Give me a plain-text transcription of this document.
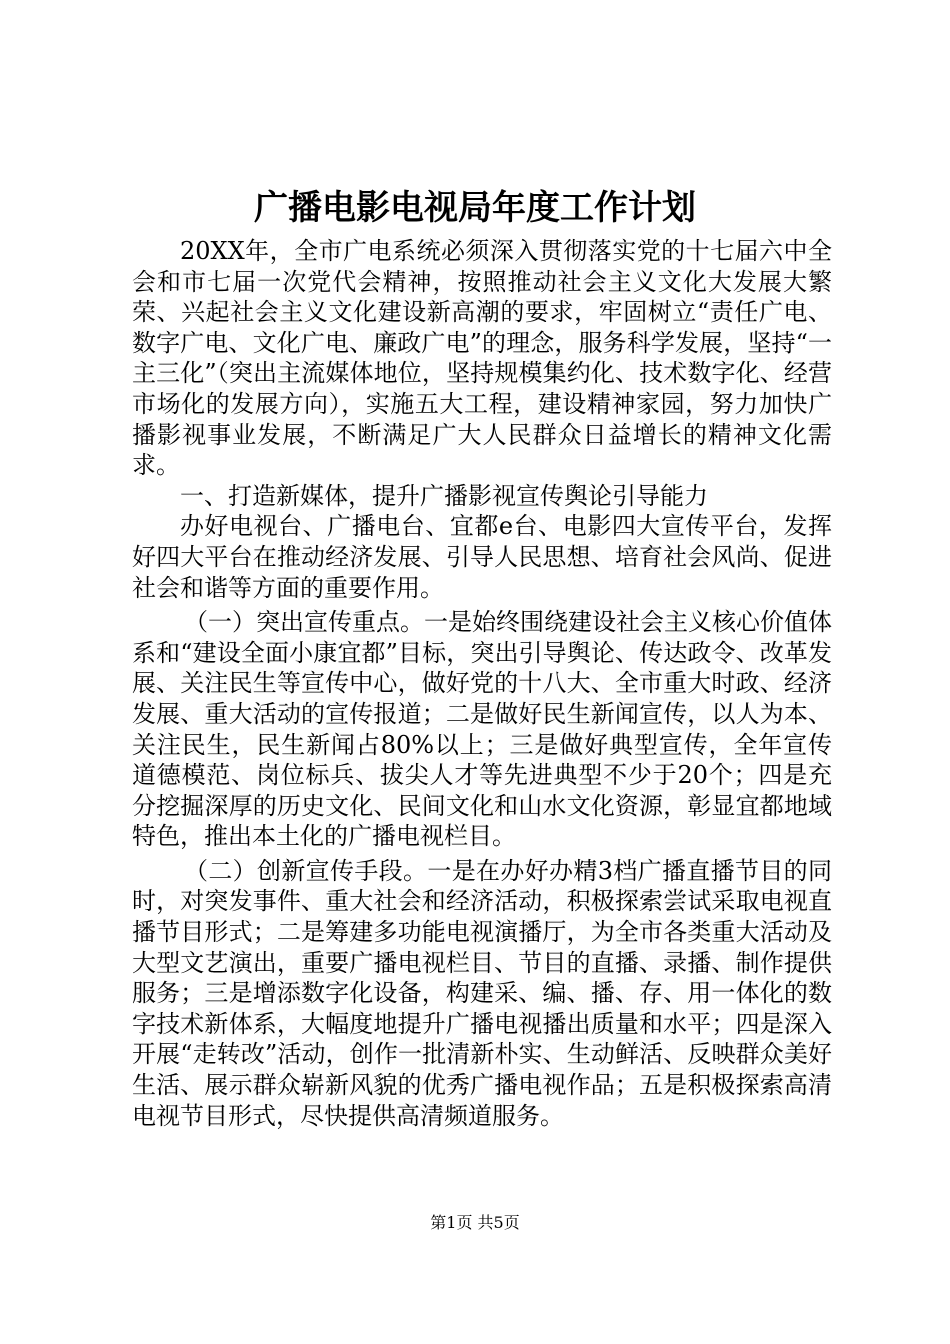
广播电影电视局年度工作计划

20XX年，全市广电系统必须深入贯彻落实党的十七届六中全会和市七届一次党代会精神，按照推动社会主义文化大发展大繁荣、兴起社会主义文化建设新高潮的要求，牢固树立“责任广电、数字广电、文化广电、廉政广电”的理念，服务科学发展，坚持“一主三化”（突出主流媒体地位，坚持规模集约化、技术数字化、经营市场化的发展方向），实施五大工程，建设精神家园，努力加快广播影视事业发展，不断满足广大人民群众日益增长的精神文化需求。

一、打造新媒体，提升广播影视宣传舆论引导能力

办好电视台、广播电台、宜都e台、电影四大宣传平台，发挥好四大平台在推动经济发展、引导人民思想、培育社会风尚、促进社会和谐等方面的重要作用。

（一）突出宣传重点。一是始终围绕建设社会主义核心价值体系和“建设全面小康宜都”目标，突出引导舆论、传达政令、改革发展、关注民生等宣传中心，做好党的十八大、全市重大时政、经济发展、重大活动的宣传报道；二是做好民生新闻宣传，以人为本、关注民生，民生新闻占80%以上；三是做好典型宣传，全年宣传道德模范、岗位标兵、拔尖人才等先进典型不少于20个；四是充分挖掘深厚的历史文化、民间文化和山水文化资源，彰显宜都地域特色，推出本土化的广播电视栏目。

（二）创新宣传手段。一是在办好办精3档广播直播节目的同时，对突发事件、重大社会和经济活动，积极探索尝试采取电视直播节目形式；二是筹建多功能电视演播厅，为全市各类重大活动及大型文艺演出，重要广播电视栏目、节目的直播、录播、制作提供服务；三是增添数字化设备，构建采、编、播、存、用一体化的数字技术新体系，大幅度地提升广播电视播出质量和水平；四是深入开展“走转改”活动，创作一批清新朴实、生动鲜活、反映群众美好生活、展示群众崭新风貌的优秀广播电视作品；五是积极探索高清电视节目形式，尽快提供高清频道服务。

第1页 共5页
